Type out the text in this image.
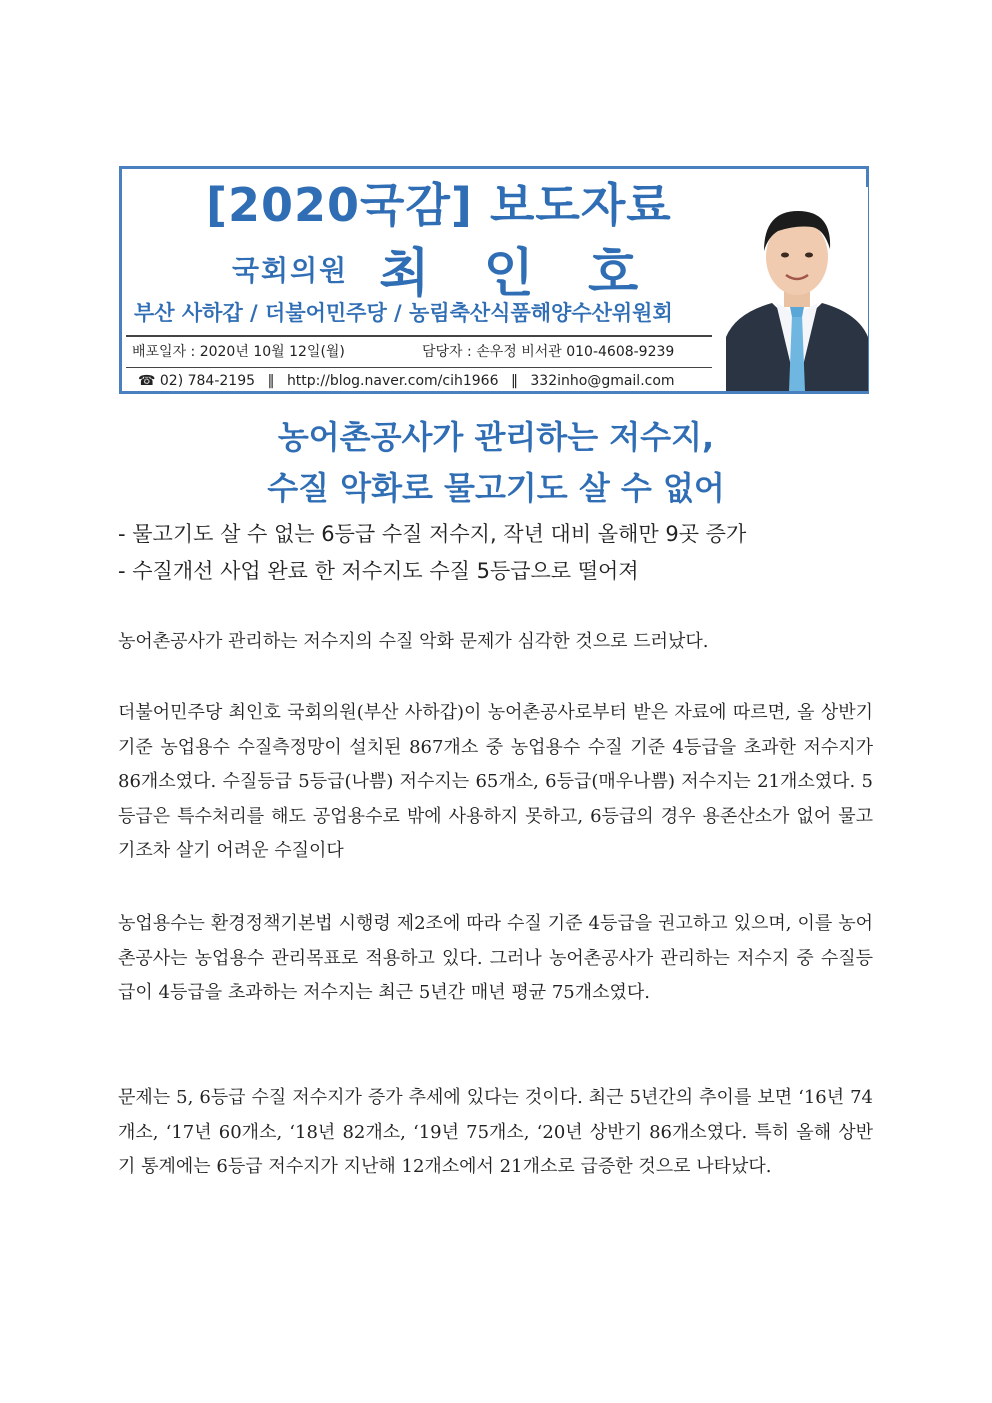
[2020국감] 보도자료
국회의원 최 인 호
부산 사하갑 / 더불어민주당 / 농림축산식품해양수산위원회
배포일자 : 2020년 10월 12일(월)	담당자 : 손우정 비서관 010-4608-9239
☎ 02) 784-2195 ‖ http://blog.naver.com/cih1966 ‖ 332inho@gmail.com
농어촌공사가 관리하는 저수지,
수질 악화로 물고기도 살 수 없어
- 물고기도 살 수 없는 6등급 수질 저수지, 작년 대비 올해만 9곳 증가
- 수질개선 사업 완료 한 저수지도 수질 5등급으로 떨어져

농어촌공사가 관리하는 저수지의 수질 악화 문제가 심각한 것으로 드러났다.

더불어민주당 최인호 국회의원(부산 사하갑)이 농어촌공사로부터 받은 자료에 따르면, 올 상반기 기준 농업용수 수질측정망이 설치된 867개소 중 농업용수 수질 기준 4등급을 초과한 저수지가 86개소였다. 수질등급 5등급(나쁨) 저수지는 65개소, 6등급(매우나쁨) 저수지는 21개소였다. 5등급은 특수처리를 해도 공업용수로 밖에 사용하지 못하고, 6등급의 경우 용존산소가 없어 물고기조차 살기 어려운 수질이다

농업용수는 환경정책기본법 시행령 제2조에 따라 수질 기준 4등급을 권고하고 있으며, 이를 농어촌공사는 농업용수 관리목표로 적용하고 있다. 그러나 농어촌공사가 관리하는 저수지 중 수질등급이 4등급을 초과하는 저수지는 최근 5년간 매년 평균 75개소였다.

문제는 5, 6등급 수질 저수지가 증가 추세에 있다는 것이다. 최근 5년간의 추이를 보면 ‘16년 74개소, ‘17년 60개소, ‘18년 82개소, ‘19년 75개소, ‘20년 상반기 86개소였다. 특히 올해 상반기 통계에는 6등급 저수지가 지난해 12개소에서 21개소로 급증한 것으로 나타났다.
